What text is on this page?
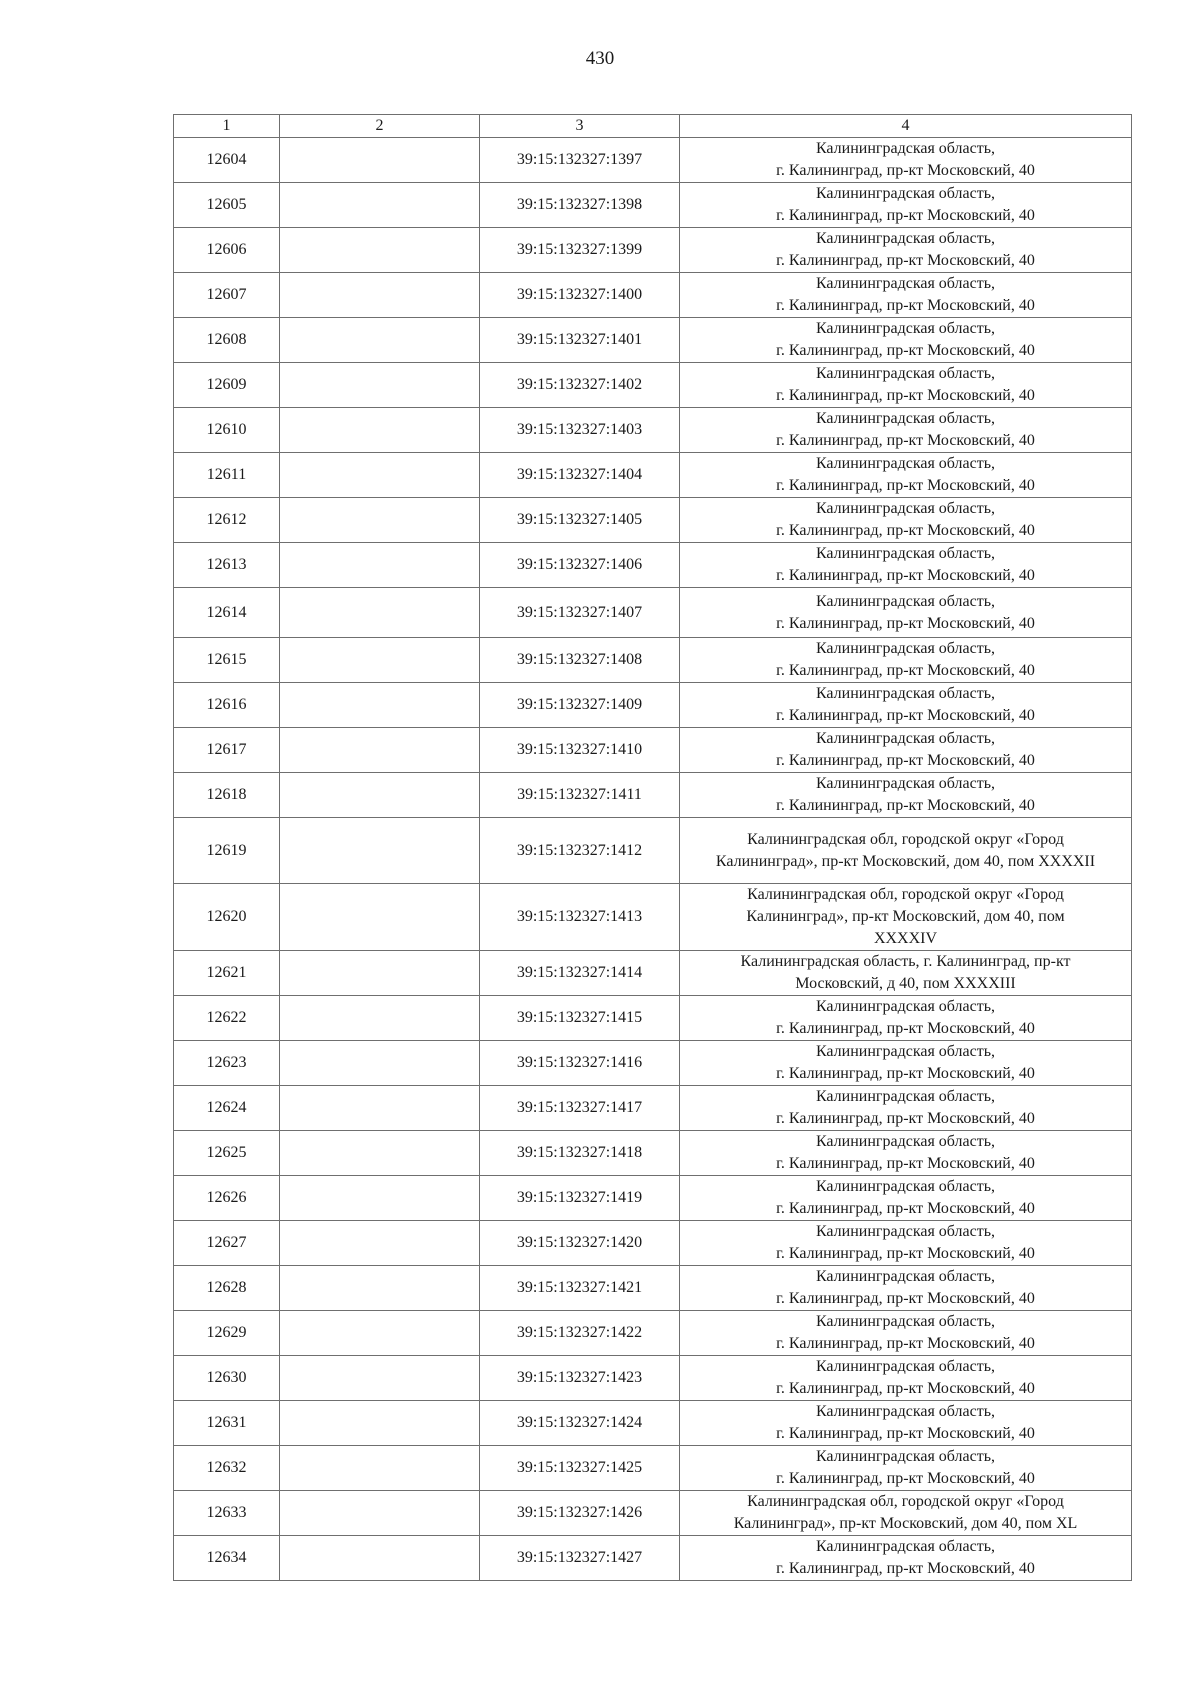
430
1	2	3	4
12604		39:15:132327:1397	Калининградская область,
г. Калининград, пр-кт Московский, 40
12605		39:15:132327:1398	Калининградская область,
г. Калининград, пр-кт Московский, 40
12606		39:15:132327:1399	Калининградская область,
г. Калининград, пр-кт Московский, 40
12607		39:15:132327:1400	Калининградская область,
г. Калининград, пр-кт Московский, 40
12608		39:15:132327:1401	Калининградская область,
г. Калининград, пр-кт Московский, 40
12609		39:15:132327:1402	Калининградская область,
г. Калининград, пр-кт Московский, 40
12610		39:15:132327:1403	Калининградская область,
г. Калининград, пр-кт Московский, 40
12611		39:15:132327:1404	Калининградская область,
г. Калининград, пр-кт Московский, 40
12612		39:15:132327:1405	Калининградская область,
г. Калининград, пр-кт Московский, 40
12613		39:15:132327:1406	Калининградская область,
г. Калининград, пр-кт Московский, 40
12614		39:15:132327:1407	Калининградская область,
г. Калининград, пр-кт Московский, 40
12615		39:15:132327:1408	Калининградская область,
г. Калининград, пр-кт Московский, 40
12616		39:15:132327:1409	Калининградская область,
г. Калининград, пр-кт Московский, 40
12617		39:15:132327:1410	Калининградская область,
г. Калининград, пр-кт Московский, 40
12618		39:15:132327:1411	Калининградская область,
г. Калининград, пр-кт Московский, 40
12619		39:15:132327:1412	Калининградская обл, городской округ «Город
Калининград», пр-кт Московский, дом 40, пом XXXXII
12620		39:15:132327:1413	Калининградская обл, городской округ «Город
Калининград», пр-кт Московский, дом 40, пом
XXXXIV
12621		39:15:132327:1414	Калининградская область, г. Калининград, пр-кт
Московский, д 40, пом XXXXIII
12622		39:15:132327:1415	Калининградская область,
г. Калининград, пр-кт Московский, 40
12623		39:15:132327:1416	Калининградская область,
г. Калининград, пр-кт Московский, 40
12624		39:15:132327:1417	Калининградская область,
г. Калининград, пр-кт Московский, 40
12625		39:15:132327:1418	Калининградская область,
г. Калининград, пр-кт Московский, 40
12626		39:15:132327:1419	Калининградская область,
г. Калининград, пр-кт Московский, 40
12627		39:15:132327:1420	Калининградская область,
г. Калининград, пр-кт Московский, 40
12628		39:15:132327:1421	Калининградская область,
г. Калининград, пр-кт Московский, 40
12629		39:15:132327:1422	Калининградская область,
г. Калининград, пр-кт Московский, 40
12630		39:15:132327:1423	Калининградская область,
г. Калининград, пр-кт Московский, 40
12631		39:15:132327:1424	Калининградская область,
г. Калининград, пр-кт Московский, 40
12632		39:15:132327:1425	Калининградская область,
г. Калининград, пр-кт Московский, 40
12633		39:15:132327:1426	Калининградская обл, городской округ «Город
Калининград», пр-кт Московский, дом 40, пом XL
12634		39:15:132327:1427	Калининградская область,
г. Калининград, пр-кт Московский, 40
